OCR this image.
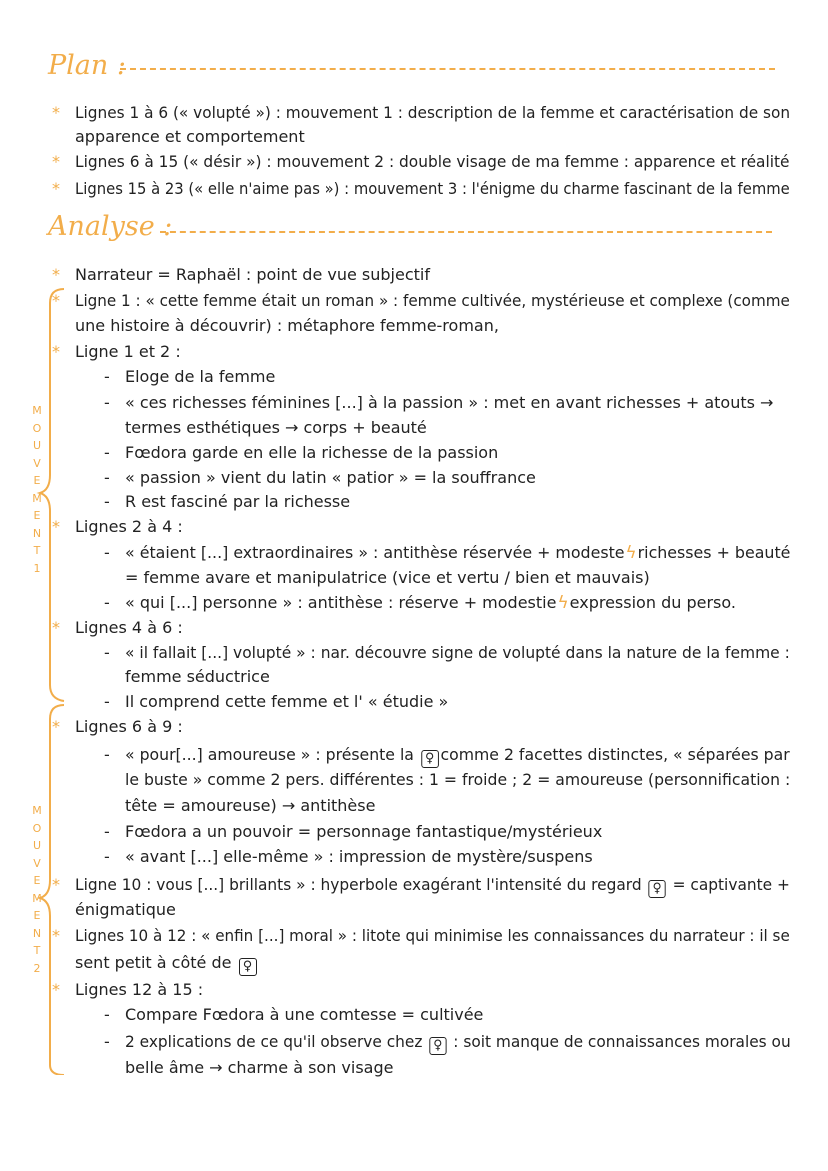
Plan :
* Lignes 1 à 6 (« volupté ») : mouvement 1 : description de la femme et caractérisation de son
apparence et comportement
* Lignes 6 à 15 (« désir ») : mouvement 2 : double visage de ma femme : apparence et réalité
* Lignes 15 à 23 (« elle n'aime pas ») : mouvement 3 : l'énigme du charme fascinant de la femme
Analyse :
M
O
U
V
E
M
E
N
T
1
M
O
U
V
E
M
E
N
T
2
* Narrateur = Raphaël : point de vue subjectif
* Ligne 1 : « cette femme était un roman » : femme cultivée, mystérieuse et complexe (comme
une histoire à découvrir) : métaphore femme-roman,
* Ligne 1 et 2 :
- Eloge de la femme
- « ces richesses féminines [...] à la passion » : met en avant richesses + atouts →
termes esthétiques → corps + beauté
- Fœdora garde en elle la richesse de la passion
- « passion » vient du latin « patior » = la souffrance
- R est fasciné par la richesse
* Lignes 2 à 4 :
- « étaient [...] extraordinaires » : antithèse réservée + modesteϟrichesses + beauté
= femme avare et manipulatrice (vice et vertu / bien et mauvais)
- « qui [...] personne » : antithèse : réserve + modestieϟexpression du perso.
* Lignes 4 à 6 :
- « il fallait [...] volupté » : nar. découvre signe de volupté dans la nature de la femme :
femme séductrice
- Il comprend cette femme et l' « étudie »
* Lignes 6 à 9 :
- « pour[...] amoureuse » : présente la ♀ comme 2 facettes distinctes, « séparées par
le buste » comme 2 pers. différentes : 1 = froide ; 2 = amoureuse (personnification :
tête = amoureuse) → antithèse
- Fœdora a un pouvoir = personnage fantastique/mystérieux
- « avant [...] elle-même » : impression de mystère/suspens
* Ligne 10 : vous [...] brillants » : hyperbole exagérant l'intensité du regard ♀ = captivante +
énigmatique
* Lignes 10 à 12 : « enfin [...] moral » : litote qui minimise les connaissances du narrateur : il se
sent petit à côté de ♀
* Lignes 12 à 15 :
- Compare Fœdora à une comtesse = cultivée
- 2 explications de ce qu'il observe chez ♀ : soit manque de connaissances morales ou
belle âme → charme à son visage
